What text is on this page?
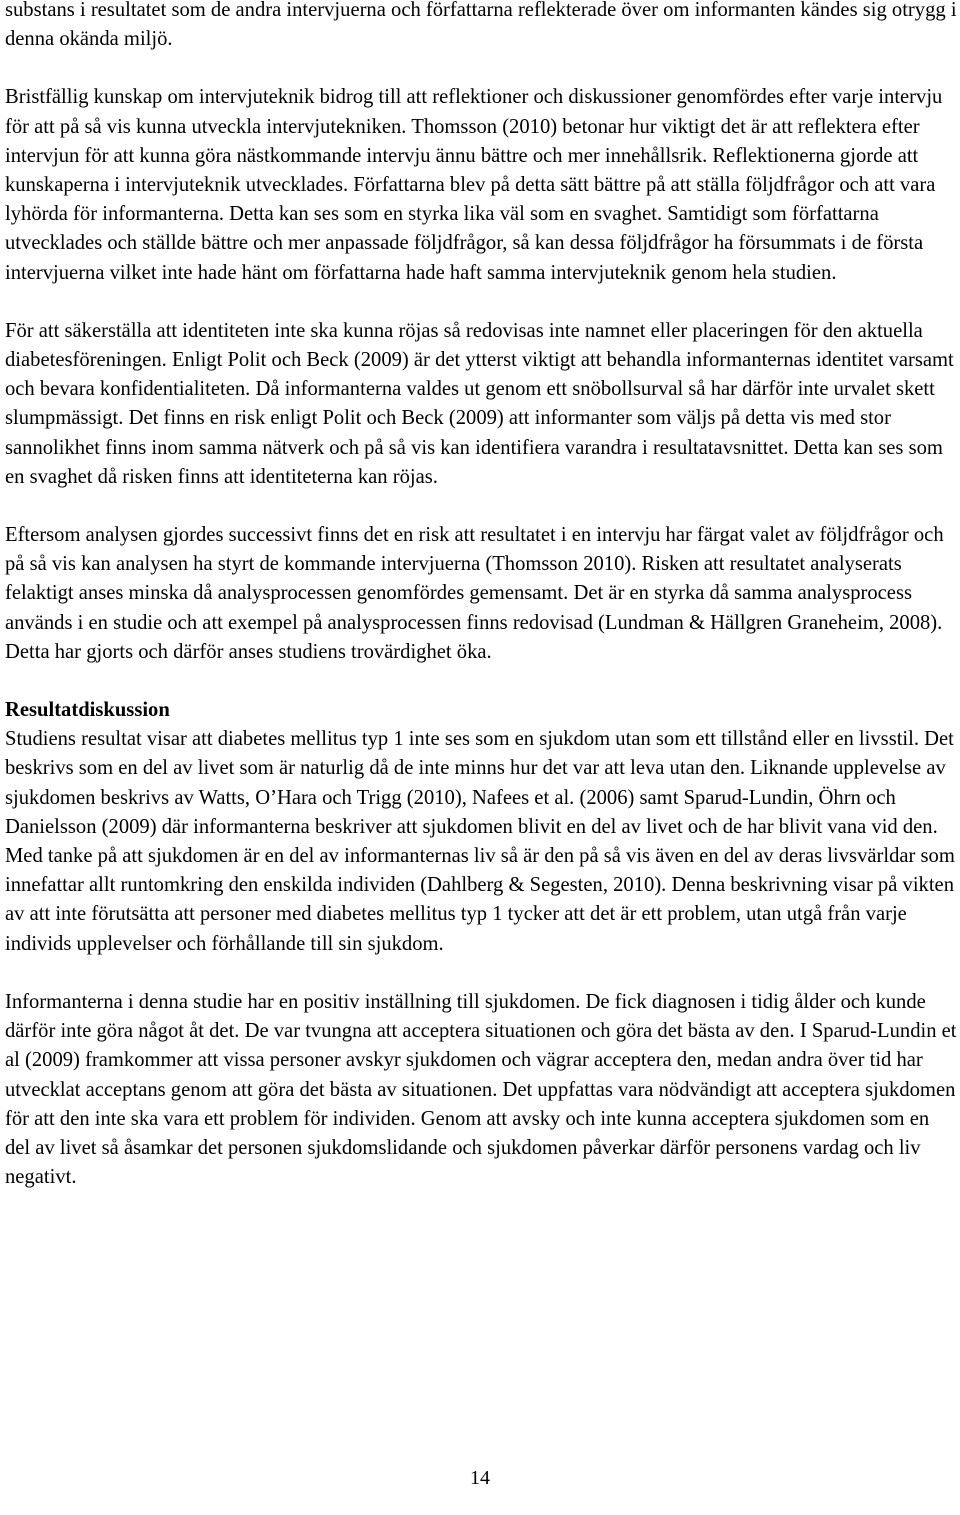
substans i resultatet som de andra intervjuerna och författarna reflekterade över om informanten kändes sig otrygg i denna okända miljö.

Bristfällig kunskap om intervjuteknik bidrog till att reflektioner och diskussioner genomfördes efter varje intervju för att på så vis kunna utveckla intervjutekniken. Thomsson (2010) betonar hur viktigt det är att reflektera efter intervjun för att kunna göra nästkommande intervju ännu bättre och mer innehållsrik. Reflektionerna gjorde att kunskaperna i intervjuteknik utvecklades. Författarna blev på detta sätt bättre på att ställa följdfrågor och att vara lyhörda för informanterna. Detta kan ses som en styrka lika väl som en svaghet. Samtidigt som författarna utvecklades och ställde bättre och mer anpassade följdfrågor, så kan dessa följdfrågor ha försummats i de första intervjuerna vilket inte hade hänt om författarna hade haft samma intervjuteknik genom hela studien.

För att säkerställa att identiteten inte ska kunna röjas så redovisas inte namnet eller placeringen för den aktuella diabetesföreningen. Enligt Polit och Beck (2009) är det ytterst viktigt att behandla informanternas identitet varsamt och bevara konfidentialiteten. Då informanterna valdes ut genom ett snöbollsurval så har därför inte urvalet skett slumpmässigt. Det finns en risk enligt Polit och Beck (2009) att informanter som väljs på detta vis med stor sannolikhet finns inom samma nätverk och på så vis kan identifiera varandra i resultatavsnittet. Detta kan ses som en svaghet då risken finns att identiteterna kan röjas.

Eftersom analysen gjordes successivt finns det en risk att resultatet i en intervju har färgat valet av följdfrågor och på så vis kan analysen ha styrt de kommande intervjuerna (Thomsson 2010). Risken att resultatet analyserats felaktigt anses minska då analysprocessen genomfördes gemensamt. Det är en styrka då samma analysprocess används i en studie och att exempel på analysprocessen finns redovisad (Lundman & Hällgren Graneheim, 2008). Detta har gjorts och därför anses studiens trovärdighet öka.

Resultatdiskussion

Studiens resultat visar att diabetes mellitus typ 1 inte ses som en sjukdom utan som ett tillstånd eller en livsstil. Det beskrivs som en del av livet som är naturlig då de inte minns hur det var att leva utan den. Liknande upplevelse av sjukdomen beskrivs av Watts, O’Hara och Trigg (2010), Nafees et al. (2006) samt Sparud-Lundin, Öhrn och Danielsson (2009) där informanterna beskriver att sjukdomen blivit en del av livet och de har blivit vana vid den. Med tanke på att sjukdomen är en del av informanternas liv så är den på så vis även en del av deras livsvärldar som innefattar allt runtomkring den enskilda individen (Dahlberg & Segesten, 2010). Denna beskrivning visar på vikten av att inte förutsätta att personer med diabetes mellitus typ 1 tycker att det är ett problem, utan utgå från varje individs upplevelser och förhållande till sin sjukdom.

Informanterna i denna studie har en positiv inställning till sjukdomen. De fick diagnosen i tidig ålder och kunde därför inte göra något åt det. De var tvungna att acceptera situationen och göra det bästa av den. I Sparud-Lundin et al (2009) framkommer att vissa personer avskyr sjukdomen och vägrar acceptera den, medan andra över tid har utvecklat acceptans genom att göra det bästa av situationen. Det uppfattas vara nödvändigt att acceptera sjukdomen för att den inte ska vara ett problem för individen. Genom att avsky och inte kunna acceptera sjukdomen som en del av livet så åsamkar det personen sjukdomslidande och sjukdomen påverkar därför personens vardag och liv negativt.

14
